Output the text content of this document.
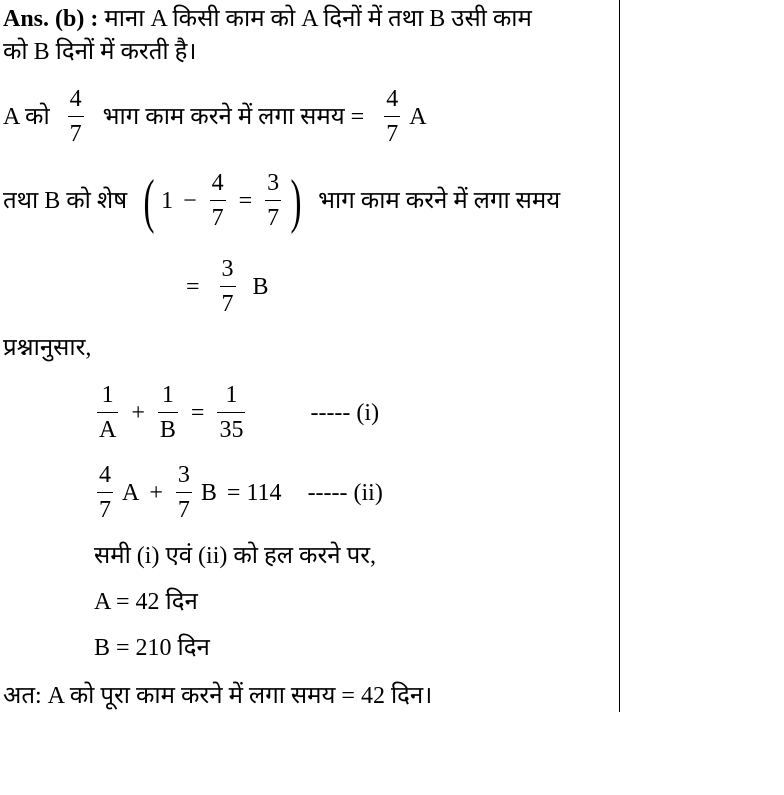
Ans. (b) : माना A किसी काम को A दिनों में तथा B उसी काम
को B दिनों में करती है।
A को $\frac{4}{7}$ भाग काम करने में लगा समय = $\frac{4}{7}$ A
तथा B को शेष ( $1 - \frac{4}{7} = \frac{3}{7}$ ) भाग काम करने में लगा समय
= $\frac{3}{7}$ B
प्रश्नानुसार,
$\frac{1}{A} + \frac{1}{B} = \frac{1}{35}$	----- (i)
$\frac{4}{7}$ $A + \frac{3}{7}$ B = 114 ----- (ii)
समी (i) एवं (ii) को हल करने पर,
A = 42 दिन
B = 210 दिन
अत: A को पूरा काम करने में लगा समय = 42 दिन।
